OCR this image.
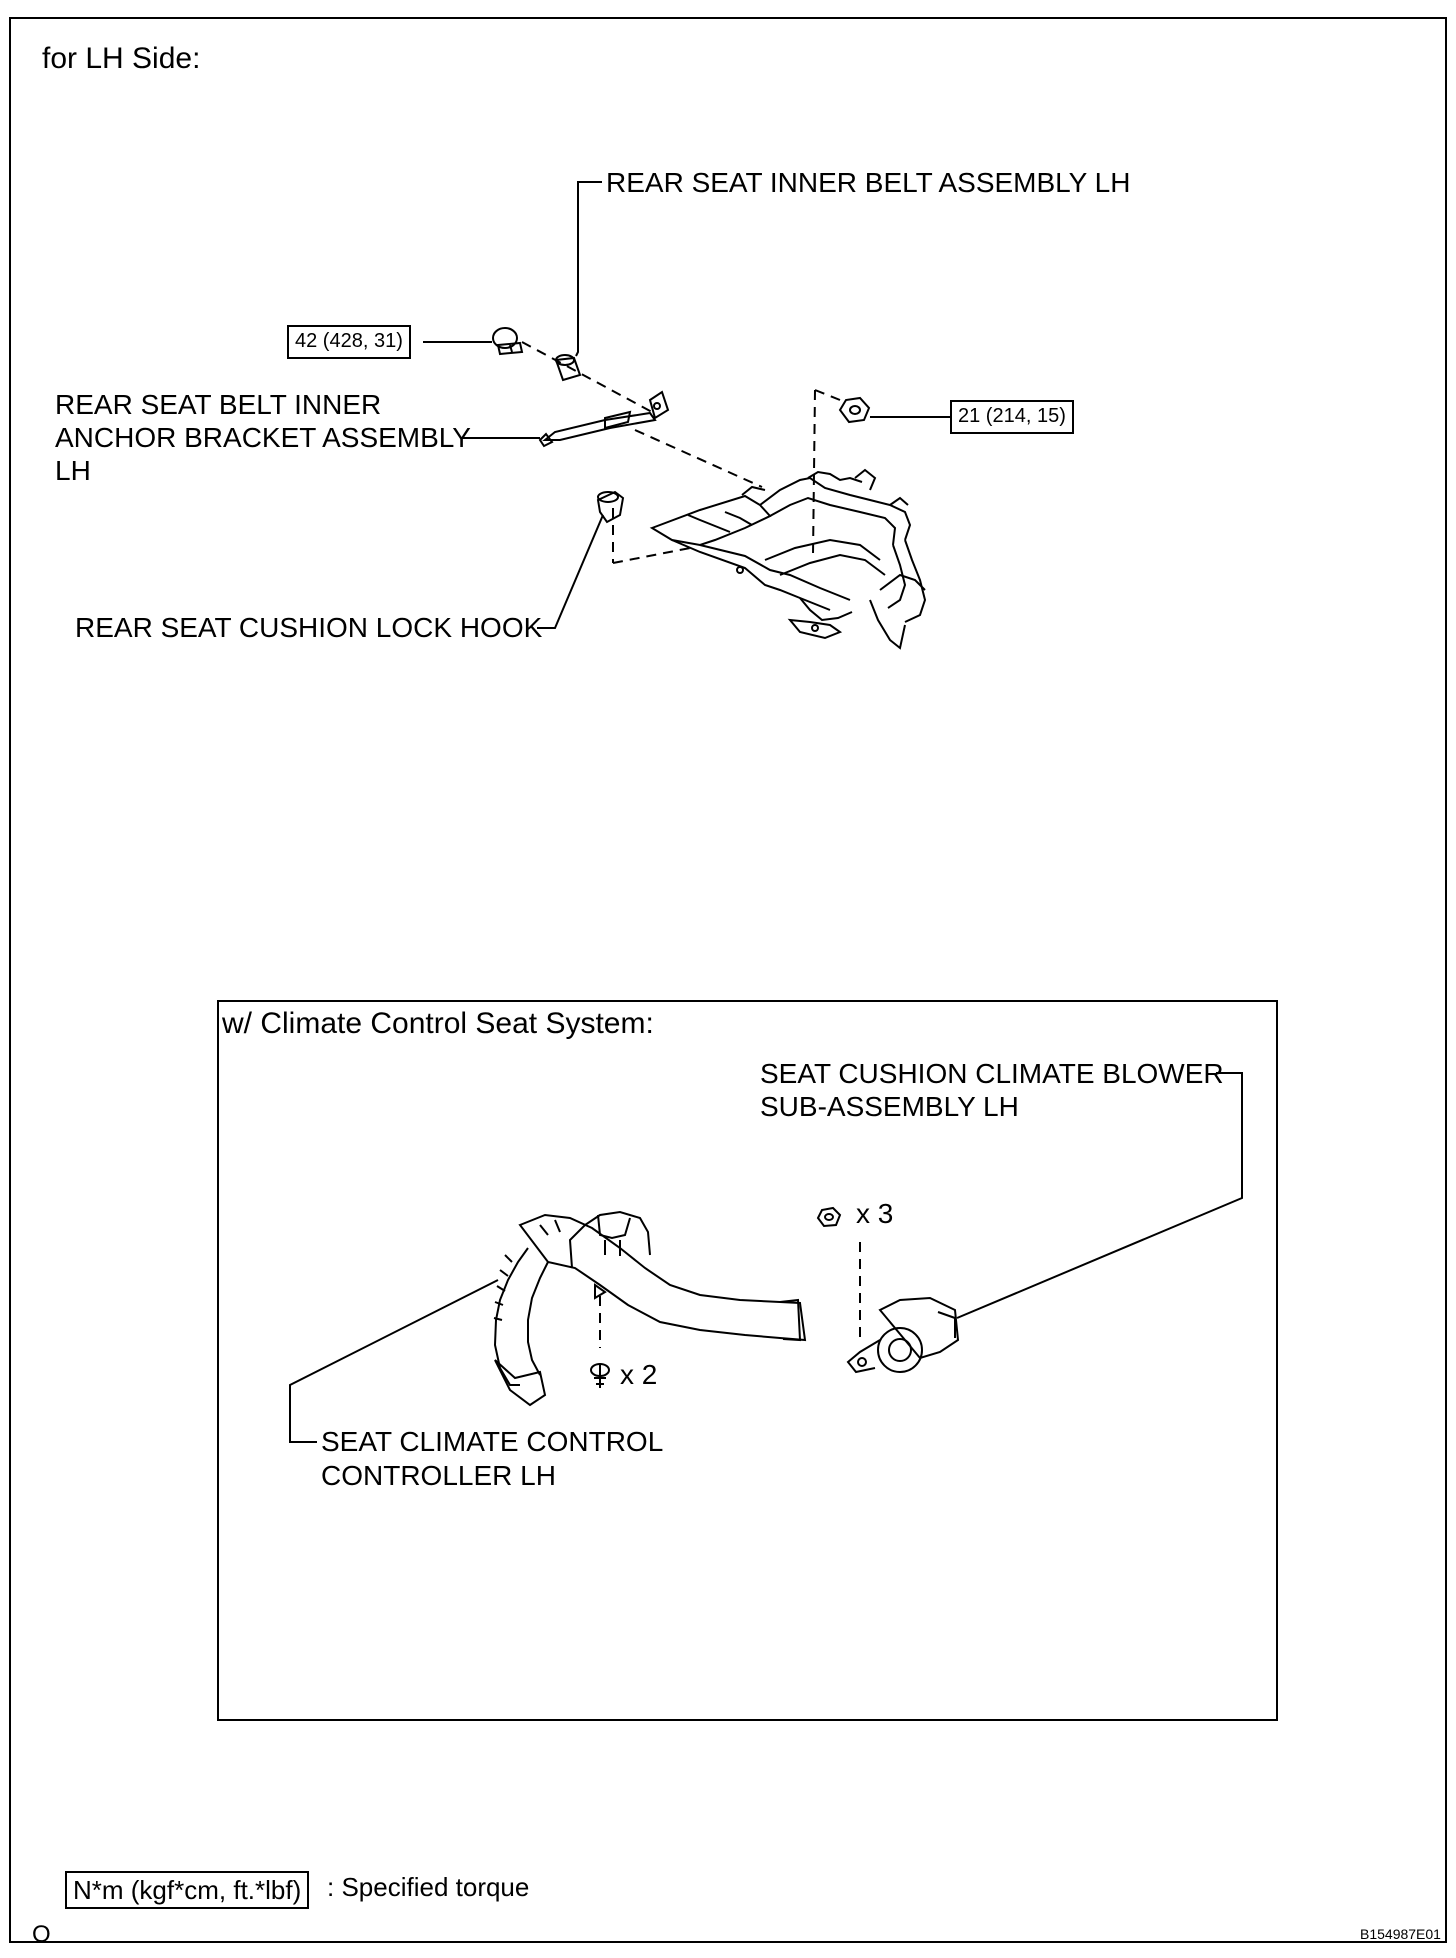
for LH Side:
REAR SEAT INNER BELT ASSEMBLY LH
42 (428, 31)
21 (214, 15)
REAR SEAT BELT INNER
ANCHOR BRACKET ASSEMBLY
LH
REAR SEAT CUSHION LOCK HOOK
w/ Climate Control Seat System:
SEAT CUSHION CLIMATE BLOWER
SUB-ASSEMBLY LH
SEAT CLIMATE CONTROL
CONTROLLER LH
x 3
x 2
N*m (kgf*cm, ft.*lbf) : Specified torque
O	B154987E01
